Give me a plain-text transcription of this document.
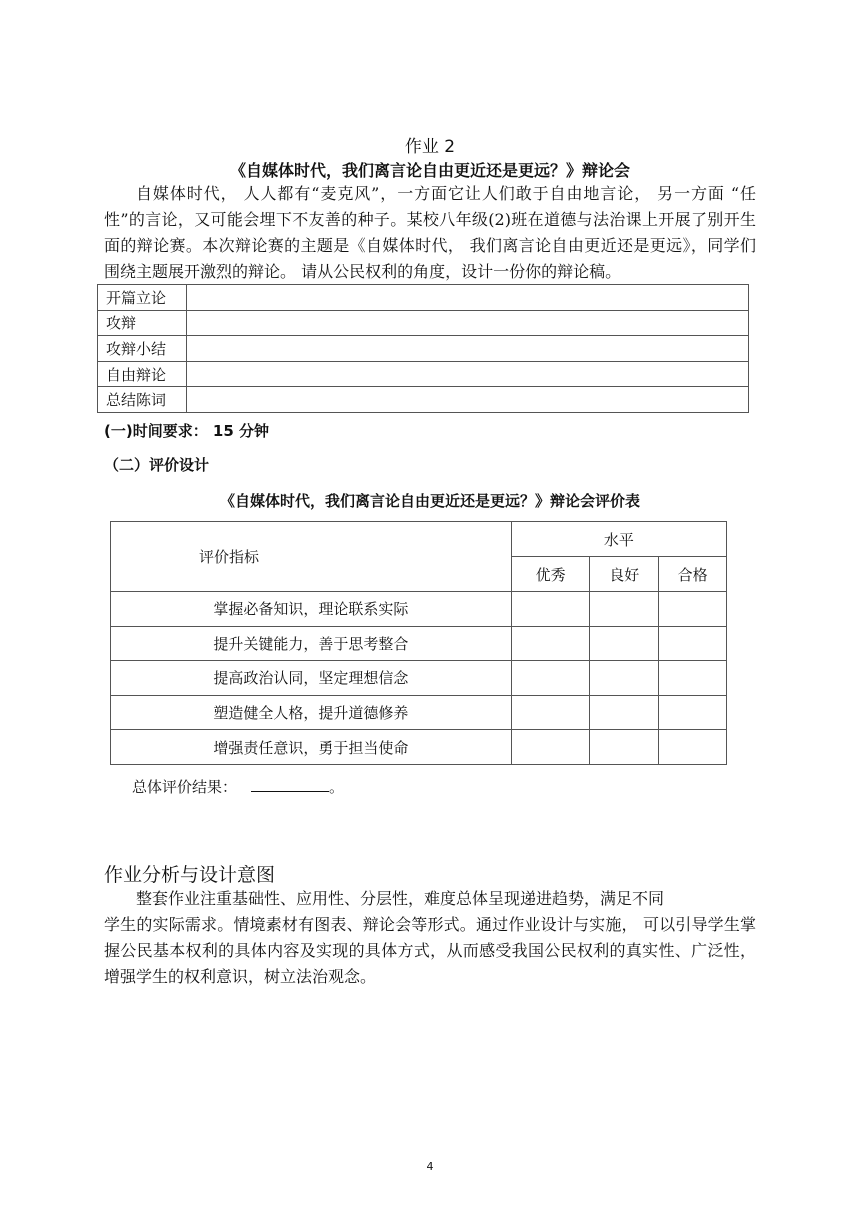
作业 2
《自媒体时代，我们离言论自由更近还是更远？》辩论会

自媒体时代， 人人都有“麦克风”，一方面它让人们敢于自由地言论， 另一方面 “任性”的言论，又可能会埋下不友善的种子。某校八年级(2)班在道德与法治课上开展了别开生面的辩论赛。本次辩论赛的主题是《自媒体时代， 我们离言论自由更近还是更远》，同学们围绕主题展开激烈的辩论。 请从公民权利的角度，设计一份你的辩论稿。

开篇立论	
攻辩	
攻辩小结	
自由辩论	
总结陈词	
(一)时间要求： 15 分钟
（二）评价设计
《自媒体时代，我们离言论自由更近还是更远？》辩论会评价表
评价指标	水平		
	优秀	良好	合格
掌握必备知识，理论联系实际			
提升关键能力，善于思考整合			
提高政治认同，坚定理想信念			
塑造健全人格，提升道德修养			
增强责任意识，勇于担当使命			
总体评价结果：	。
作业分析与设计意图

整套作业注重基础性、应用性、分层性，难度总体呈现递进趋势，满足不同

学生的实际需求。情境素材有图表、辩论会等形式。通过作业设计与实施， 可以引导学生掌握公民基本权利的具体内容及实现的具体方式，从而感受我国公民权利的真实性、广泛性，增强学生的权利意识，树立法治观念。

4
